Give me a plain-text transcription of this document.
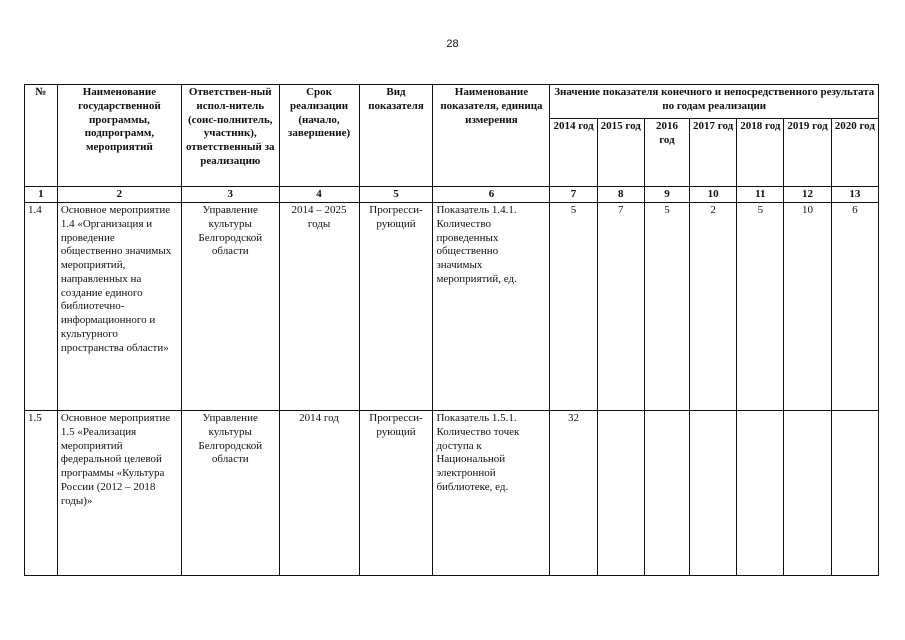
28
№	Наименование государственной программы, подпрограмм, мероприятий	Ответствен-ный испол-нитель (соис-полнитель, участник), ответственный за реализацию	Срок реализации (начало, завершение)	Вид показателя	Наименование показателя, единица измерения	Значение показателя конечного и непосредственного результата по годам реализации						
						2014 год	2015 год	2016 год	2017 год	2018 год	2019 год	2020 год
1	2	3	4	5	6	7	8	9	10	11	12	13
1.4	Основное мероприятие 1.4 «Организация и проведение общественно значимых мероприятий, направленных на создание единого библиотечно-информационного и культурного пространства области»	Управление культуры Белгородской области	2014 – 2025 годы	Прогресси-рующий	Показатель 1.4.1. Количество проведенных общественно значимых мероприятий, ед.	5	7	5	2	5	10	6
1.5	Основное мероприятие 1.5 «Реализация мероприятий федеральной целевой программы «Культура России (2012 – 2018 годы)»	Управление культуры Белгородской области	2014 год	Прогресси-рующий	Показатель 1.5.1. Количество точек доступа к Национальной электронной библиотеке, ед.	32						
